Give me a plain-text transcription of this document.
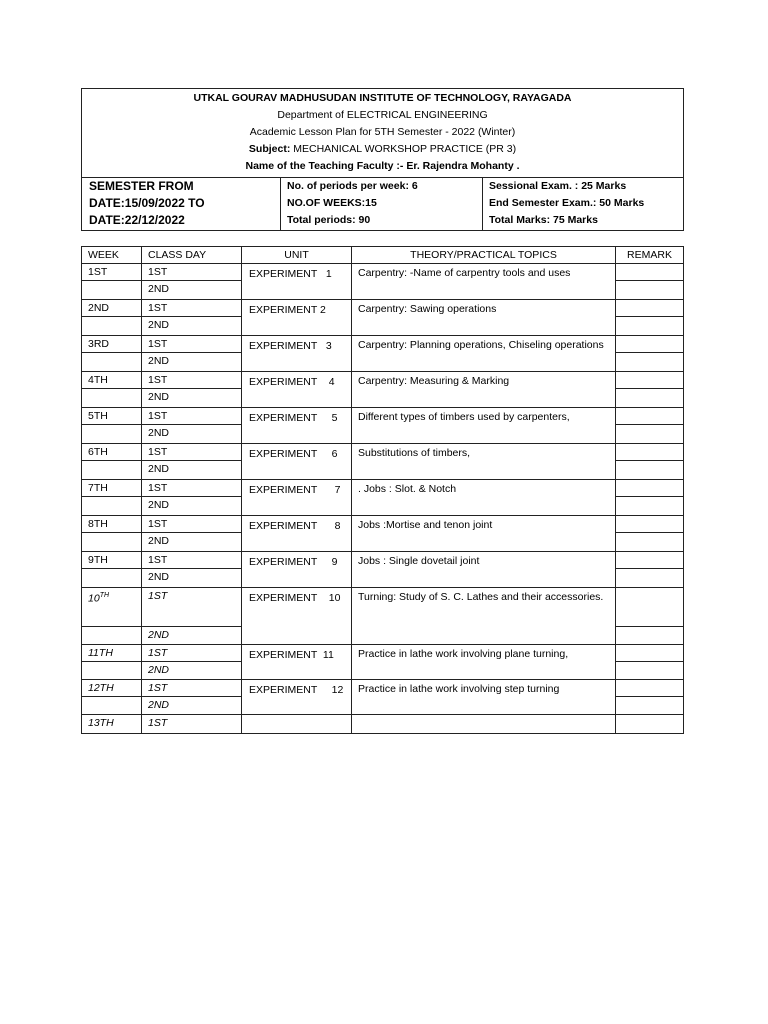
UTKAL GOURAV MADHUSUDAN INSTITUTE OF TECHNOLOGY, RAYAGADA
Department of ELECTRICAL ENGINEERING
Academic Lesson Plan for 5TH Semester - 2022 (Winter)
Subject: MECHANICAL WORKSHOP PRACTICE (PR 3)
Name of the Teaching Faculty :- Er. Rajendra Mohanty .

SEMESTER FROM
DATE:15/09/2022 TO
DATE:22/12/2022

No. of periods per week: 6
NO.OF WEEKS:15
Total periods: 90

Sessional Exam. : 25 Marks
End Semester Exam.: 50 Marks
Total Marks: 75 Marks
WEEK	CLASS DAY	UNIT	THEORY/PRACTICAL TOPICS	REMARK
1ST	1ST	EXPERIMENT   1	Carpentry: -Name of carpentry tools and uses	
	2ND			
2ND	1ST	EXPERIMENT 2	Carpentry: Sawing operations	
	2ND			
3RD	1ST	EXPERIMENT   3	Carpentry: Planning operations, Chiseling operations	
	2ND			
4TH	1ST	EXPERIMENT    4	Carpentry: Measuring & Marking	
	2ND			
5TH	1ST	EXPERIMENT     5	Different types of timbers used by carpenters,	
	2ND			
6TH	1ST	EXPERIMENT     6	Substitutions of timbers,	
	2ND			
7TH	1ST	EXPERIMENT      7	. Jobs : Slot. & Notch	
	2ND			
8TH	1ST	EXPERIMENT      8	Jobs :Mortise and tenon joint	
	2ND			
9TH	1ST	EXPERIMENT     9	Jobs : Single dovetail joint	
	2ND			
10TH	1ST	EXPERIMENT    10	Turning: Study of S. C. Lathes and their accessories.	
	2ND			
11TH	1ST	EXPERIMENT  11	Practice in lathe work involving plane turning,	
	2ND			
12TH	1ST	EXPERIMENT     12	Practice in lathe work involving step turning	
	2ND			
13TH	1ST			
